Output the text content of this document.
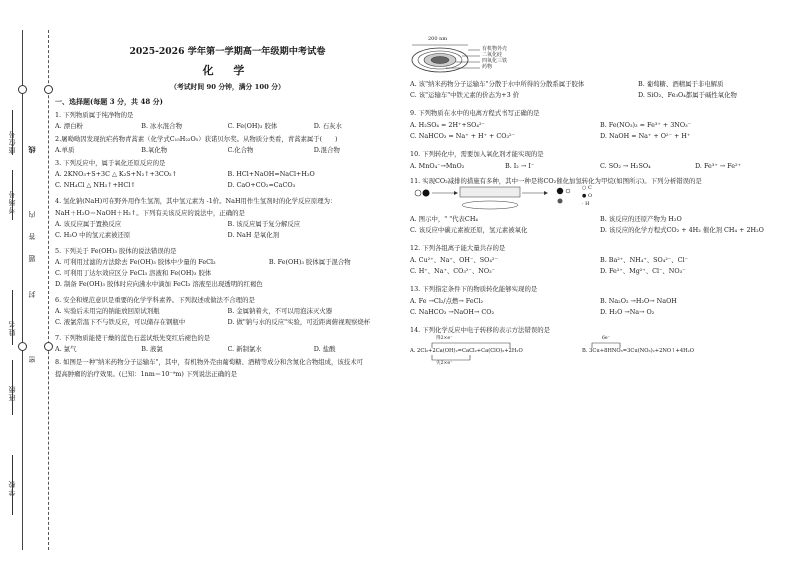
座位号
考场号
姓名
班级
学校
线
内
答
题
封
密
2025-2026 学年第一学期高一年级期中考试卷
化 学
（考试时间 90 分钟，满分 100 分）
一、选择题(每题 3 分，共 48 分)
1. 下列物质属于纯净物的是
A. 漂白粉	B. 冰水混合物	C. Fe(OH)₃ 胶体	D. 石灰水
2.屠呦呦因发现抗疟药物青蒿素（化学式C₁₅H₂₂O₅）获诺贝尔奖。从物质分类看，青蒿素属于(　　)
A.单质	B.氧化物	C.化合物	D.混合物
3. 下列反应中，属于氧化还原反应的是
A. 2KNO₃+S+3C △ K₂S+N₂↑+3CO₂↑	B. HCl+NaOH=NaCl+H₂O
C. NH₄Cl △ NH₃↑+HCl↑	D. CaO+CO₂=CaCO₃
4. 氢化钠(NaH)可在野外用作生氢剂，其中氢元素为 -1价。NaH用作生氢剂时的化学反应原理为：
NaH＋H₂O＝NaOH＋H₂↑。下列有关该反应的说法中，正确的是
A. 该反应属于置换反应	B. 该反应属于复分解反应
C. H₂O 中的氢元素被还原	D. NaH 是氧化剂
5. 下列关于 Fe(OH)₃ 胶体的说法错误的是
A. 可利用过滤的方法除去 Fe(OH)₃ 胶体中少量的 FeCl₃	B. Fe(OH)₃ 胶体属于混合物
C. 可利用丁达尔效应区分 FeCl₃ 溶液和 Fe(OH)₃ 胶体
D. 制备 Fe(OH)₃ 胶体时应向沸水中滴加 FeCl₃ 溶液至出现透明的红褐色
6. 安全和规范意识是重要的化学学科素养。下列叙述或做法不合理的是
A. 实验后未用完的钠能放回原试剂瓶	B. 金属钠着火，不可以用泡沫灭火器
C. 液氯常温下不与铁反应，可以储存在钢瓶中	D. 做"钠与水的反应"实验，可近距离俯视观察烧杯
7. 下列物质能使干燥的蓝色石蕊试纸先变红后褪色的是
A. 氯气	B. 液氯	C. 新制氯水	D. 盐酸
8. 如图是一种"纳米药物分子运输车"，其中，有机物外壳由葡萄糖、酒精等成分和含氮化合物组成，该技术可
提高肿瘤的治疗效果。(已知：1nm＝10⁻⁹m) 下列说法正确的是
200 nm
有机物外壳
二氧化硅
四氧化三铁
药物
A. 该"纳米药物分子运输车"分散于水中所得的分散系属于胶体	B. 葡萄糖、酒精属于非电解质
C. 该"运输车"中铁元素的价态为+3 价	D. SiO₂、Fe₃O₄都属于碱性氧化物
9. 下列物质在水中的电离方程式书写正确的是
A. H₂SO₄ = 2H⁺+SO₄²⁻	B. Fe(NO₃)₃ = Fe³⁺ + 3NO₃⁻
C. NaHCO₃ = Na⁺ + H⁺ + CO₃²⁻	D. NaOH = Na⁺ + O²⁻ + H⁺
10. 下列转化中，需要加入氧化剂才能实现的是
A. MnO₄⁻→MnO₂	B. I₂ → I⁻	C. SO₂ → H₂SO₄	D. Fe³⁺ → Fe²⁺
11. 实现CO₂减排的措施有多种，其中一种是将CO₂催化加氢转化为甲烷(如图所示)。下列分析错误的是
○ C
● O
· H
A. 图示中，" "代表CH₄	B. 该反应的还原产物为 H₂O
C. 该反应中碳元素被还原，氢元素被氧化	D. 该反应的化学方程式CO₂ + 4H₂ 催化剂 CH₄ + 2H₂O
12. 下列各组离子能大量共存的是
A. Cu²⁺、Na⁺、OH⁻、SO₄²⁻	B. Ba²⁺、NH₄⁺、SO₄²⁻、Cl⁻
C. H⁺、Na⁺、CO₃²⁻、NO₃⁻	D. Fe²⁺、Mg²⁺、Cl⁻、NO₃⁻
13. 下列指定条件下的物质转化能够实现的是
A. Fe →Cl₂/点燃→ FeCl₂	B. Na₂O₂ →H₂O→ NaOH
C. NaHCO₃ →NaOH→ CO₂	D. H₂O →Na→ O₂
14. 下列化学反应中电子转移的表示方法错误的是
得2×e⁻
A. 2Cl₂+2Ca(OH)₂=CaCl₂+Ca(ClO)₂+2H₂O
失2×e⁻
6e⁻
B. 3Cu+8HNO₃=3Cu(NO₃)₂+2NO↑+4H₂O
